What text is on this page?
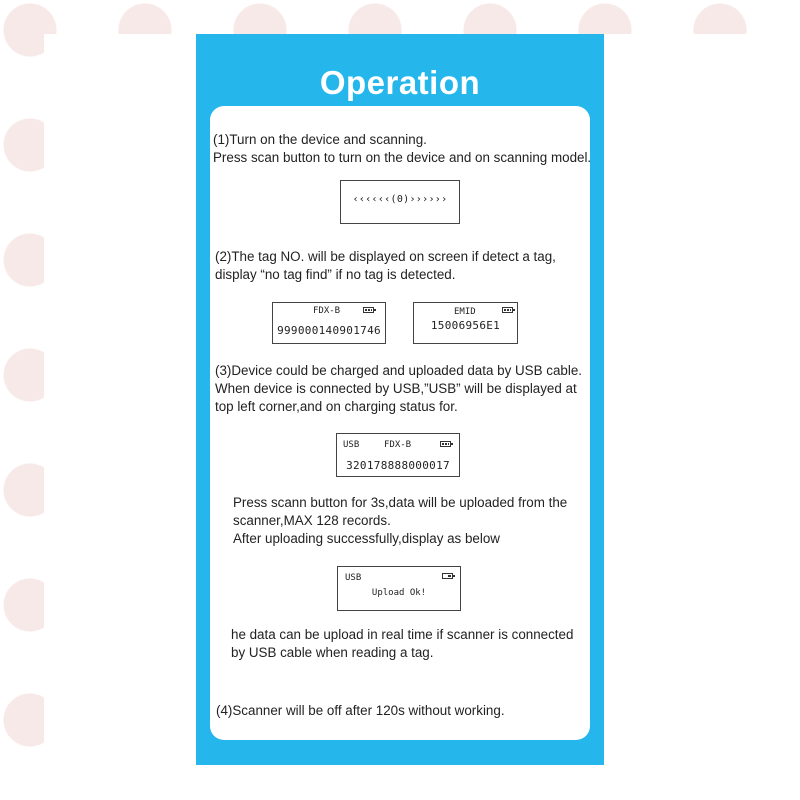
Operation
(1)Turn on the device and scanning.
Press scan button to turn on the device and on scanning model.
‹‹‹‹‹‹(0)››››››
(2)The tag NO. will be displayed on screen if detect a tag,
display “no tag find” if no tag is detected.
FDX-B
999000140901746
EMID
15006956E1
(3)Device could be charged and uploaded data by USB cable.
When device is connected by USB,”USB” will be displayed at
top left corner,and on charging status for.
USB	FDX-B
320178888000017
Press scann button for 3s,data will be uploaded from the
scanner,MAX 128 records.
After uploading successfully,display as below
USB
Upload Ok!
he data can be upload in real time if scanner is connected
by USB cable when reading a tag.
(4)Scanner will be off after 120s without working.
